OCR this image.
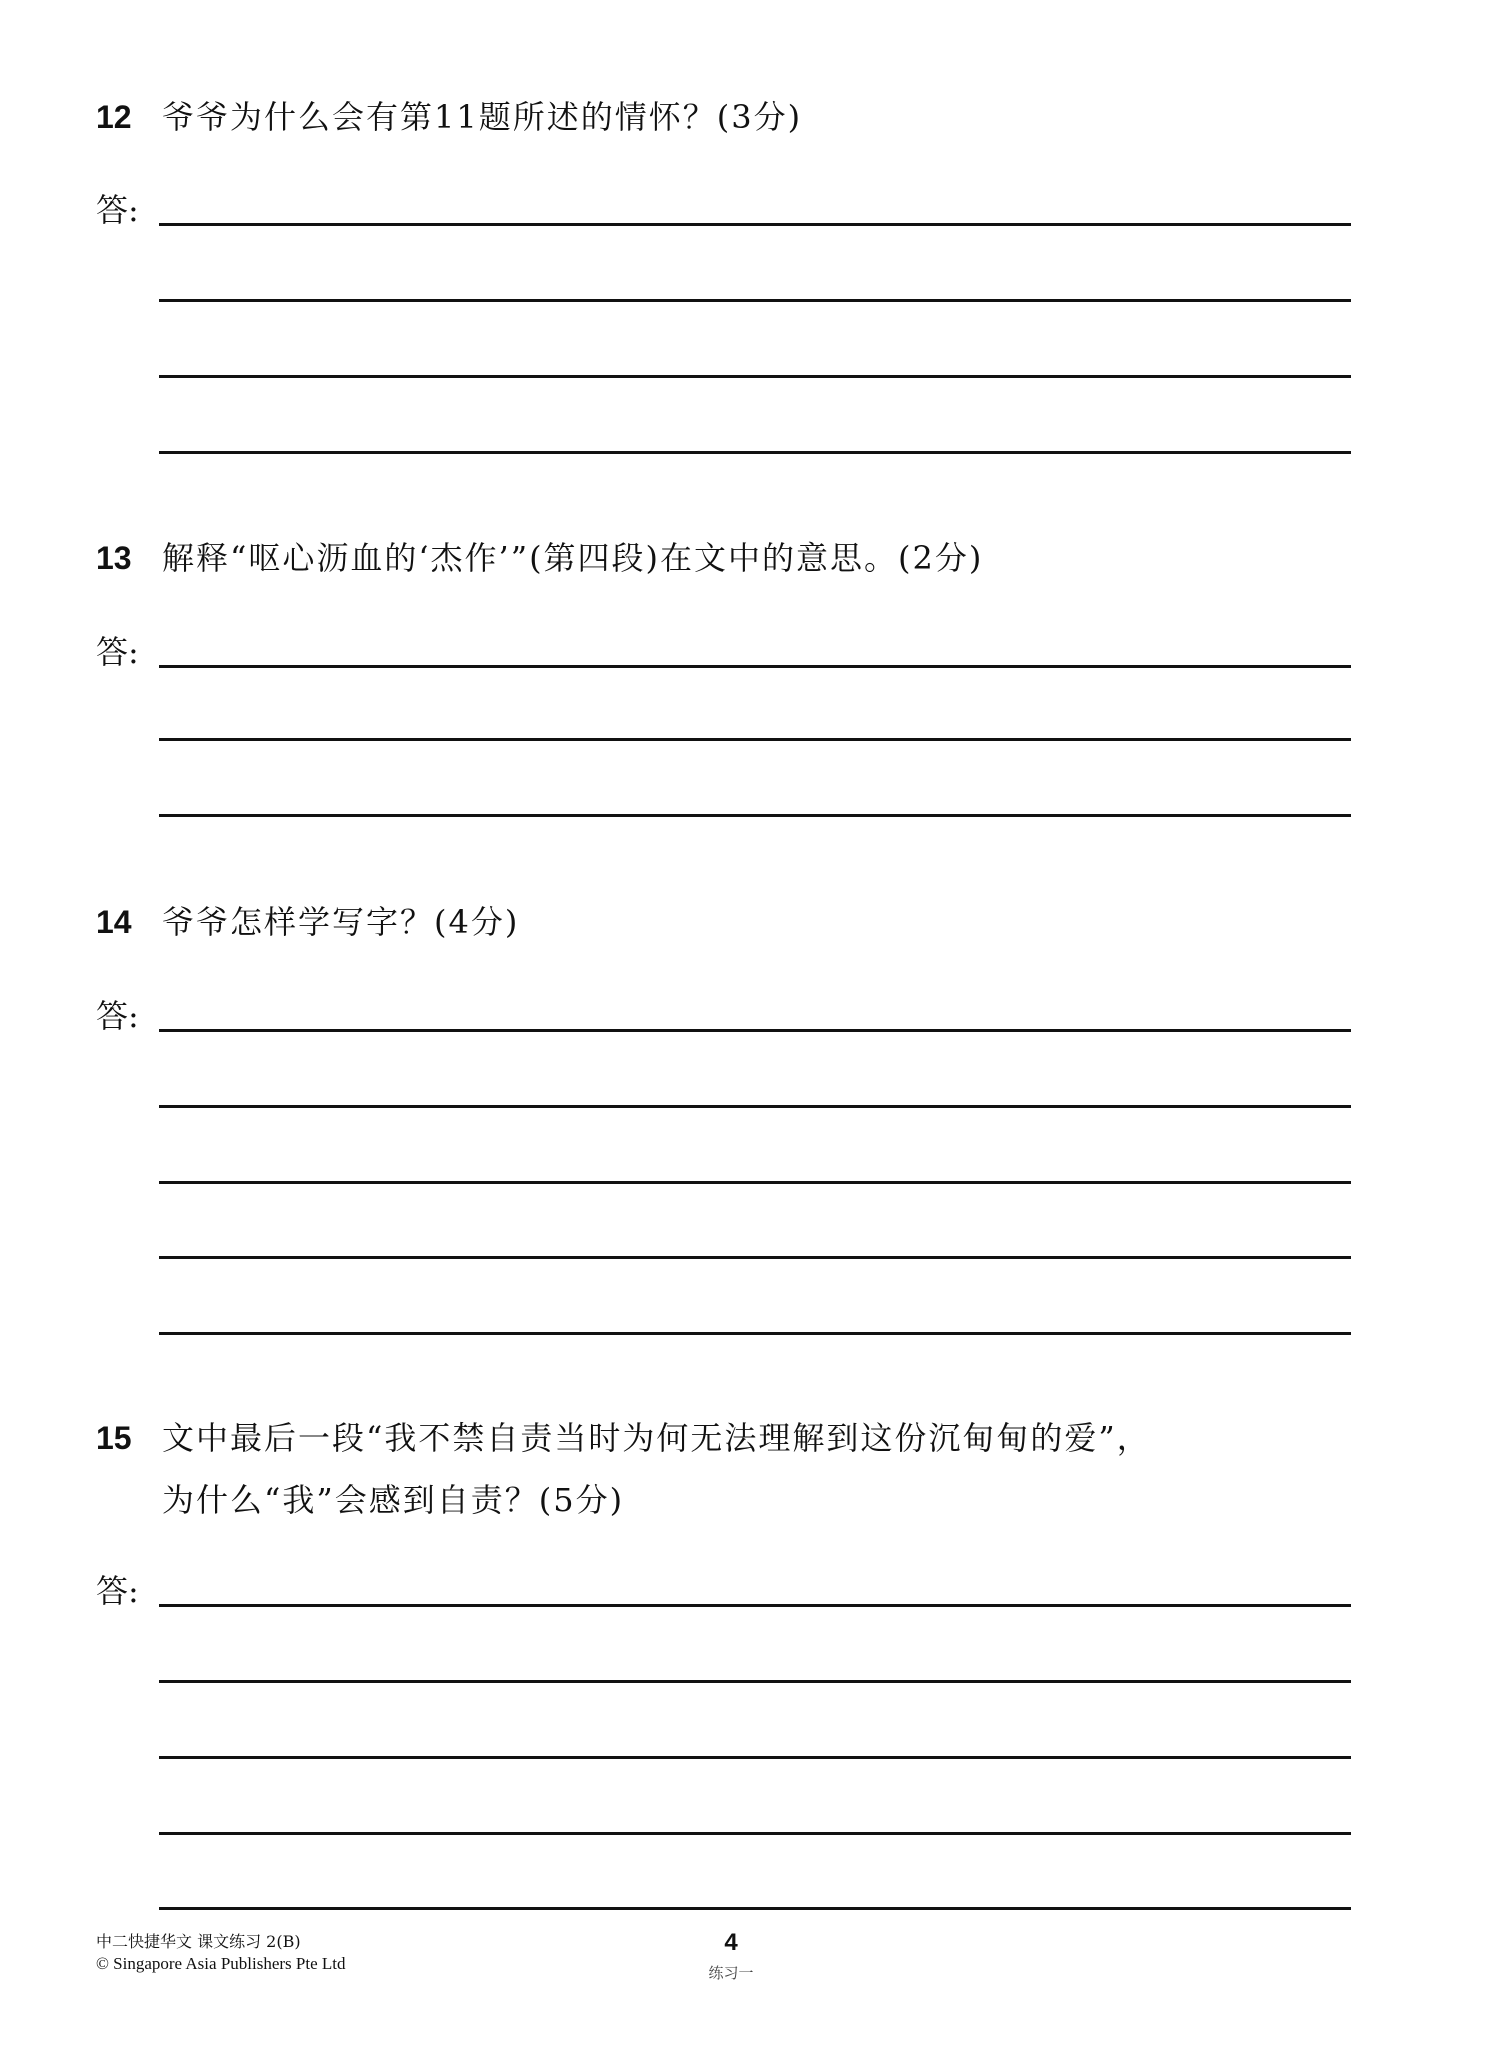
12 爷爷为什么会有第11题所述的情怀？(3分)
答:
13 解释“呕心沥血的‘杰作’”(第四段)在文中的意思。(2分)
答:
14 爷爷怎样学写字？(4分)
答:
15 文中最后一段“我不禁自责当时为何无法理解到这份沉甸甸的爱”，
为什么“我”会感到自责？(5分)
答:
中二快捷华文 课文练习 2(B)
© Singapore Asia Publishers Pte Ltd
4
练习一
